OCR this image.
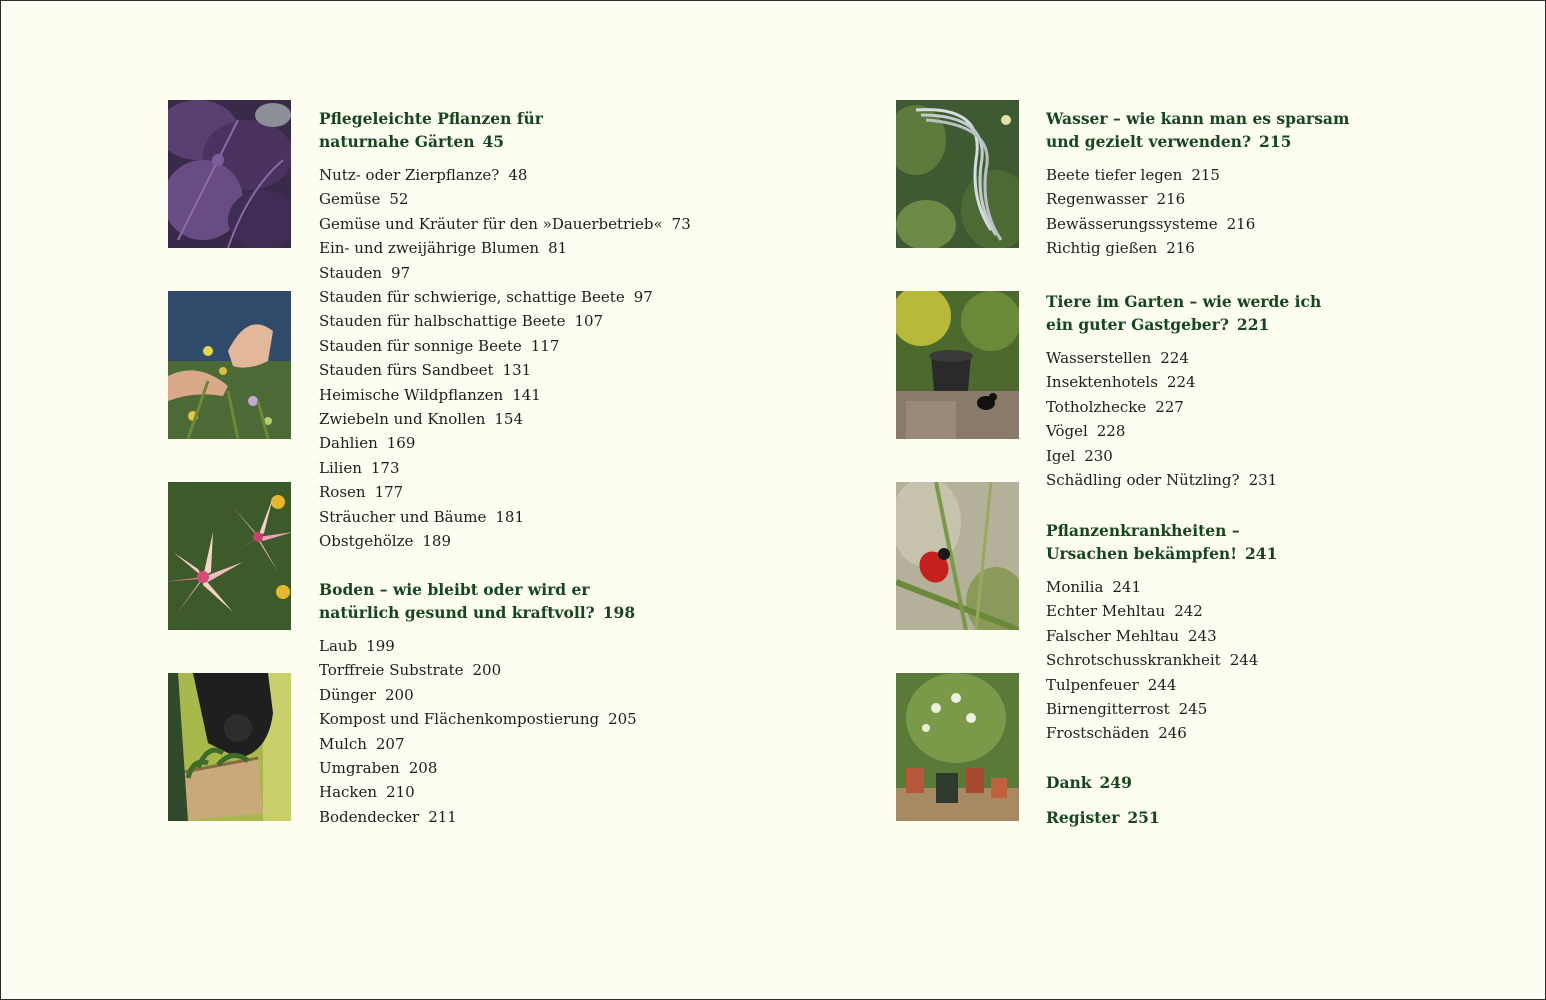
Pflegeleichte Pflanzen für
naturnahe Gärten 45
Nutz- oder Zierpflanze? 48
Gemüse 52
Gemüse und Kräuter für den »Dauerbetrieb« 73
Ein- und zweijährige Blumen 81
Stauden 97
Stauden für schwierige, schattige Beete 97
Stauden für halbschattige Beete 107
Stauden für sonnige Beete 117
Stauden fürs Sandbeet 131
Heimische Wildpflanzen 141
Zwiebeln und Knollen 154
Dahlien 169
Lilien 173
Rosen 177
Sträucher und Bäume 181
Obstgehölze 189
Boden – wie bleibt oder wird er
natürlich gesund und kraftvoll? 198
Laub 199
Torffreie Substrate 200
Dünger 200
Kompost und Flächenkompostierung 205
Mulch 207
Umgraben 208
Hacken 210
Bodendecker 211
Wasser – wie kann man es sparsam
und gezielt verwenden? 215
Beete tiefer legen 215
Regenwasser 216
Bewässerungssysteme 216
Richtig gießen 216
Tiere im Garten – wie werde ich
ein guter Gastgeber? 221
Wasserstellen 224
Insektenhotels 224
Totholzhecke 227
Vögel 228
Igel 230
Schädling oder Nützling? 231
Pflanzenkrankheiten –
Ursachen bekämpfen! 241
Monilia 241
Echter Mehltau 242
Falscher Mehltau 243
Schrotschusskrankheit 244
Tulpenfeuer 244
Birnengitterrost 245
Frostschäden 246
Dank 249
Register 251
